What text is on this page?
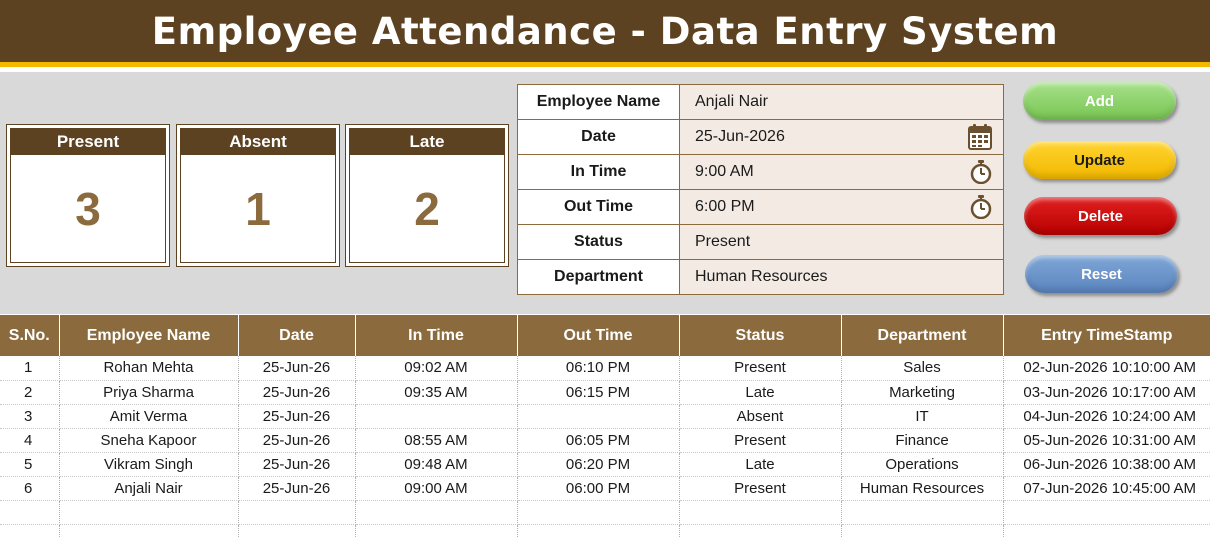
Employee Attendance - Data Entry System
Present
3
Absent
1
Late
2
Employee Name	Anjali Nair
Date	25-Jun-2026

In Time	9:00 AM

Out Time	6:00 PM

Status	Present
Department	Human Resources
Add
Update
Delete
Reset
S.No.	Employee Name	Date	In Time	Out Time	Status	Department	Entry TimeStamp
1	Rohan Mehta	25-Jun-26	09:02 AM	06:10 PM	Present	Sales	02-Jun-2026 10:10:00 AM
2	Priya Sharma	25-Jun-26	09:35 AM	06:15 PM	Late	Marketing	03-Jun-2026 10:17:00 AM
3	Amit Verma	25-Jun-26			Absent	IT	04-Jun-2026 10:24:00 AM
4	Sneha Kapoor	25-Jun-26	08:55 AM	06:05 PM	Present	Finance	05-Jun-2026 10:31:00 AM
5	Vikram Singh	25-Jun-26	09:48 AM	06:20 PM	Late	Operations	06-Jun-2026 10:38:00 AM
6	Anjali Nair	25-Jun-26	09:00 AM	06:00 PM	Present	Human Resources	07-Jun-2026 10:45:00 AM
